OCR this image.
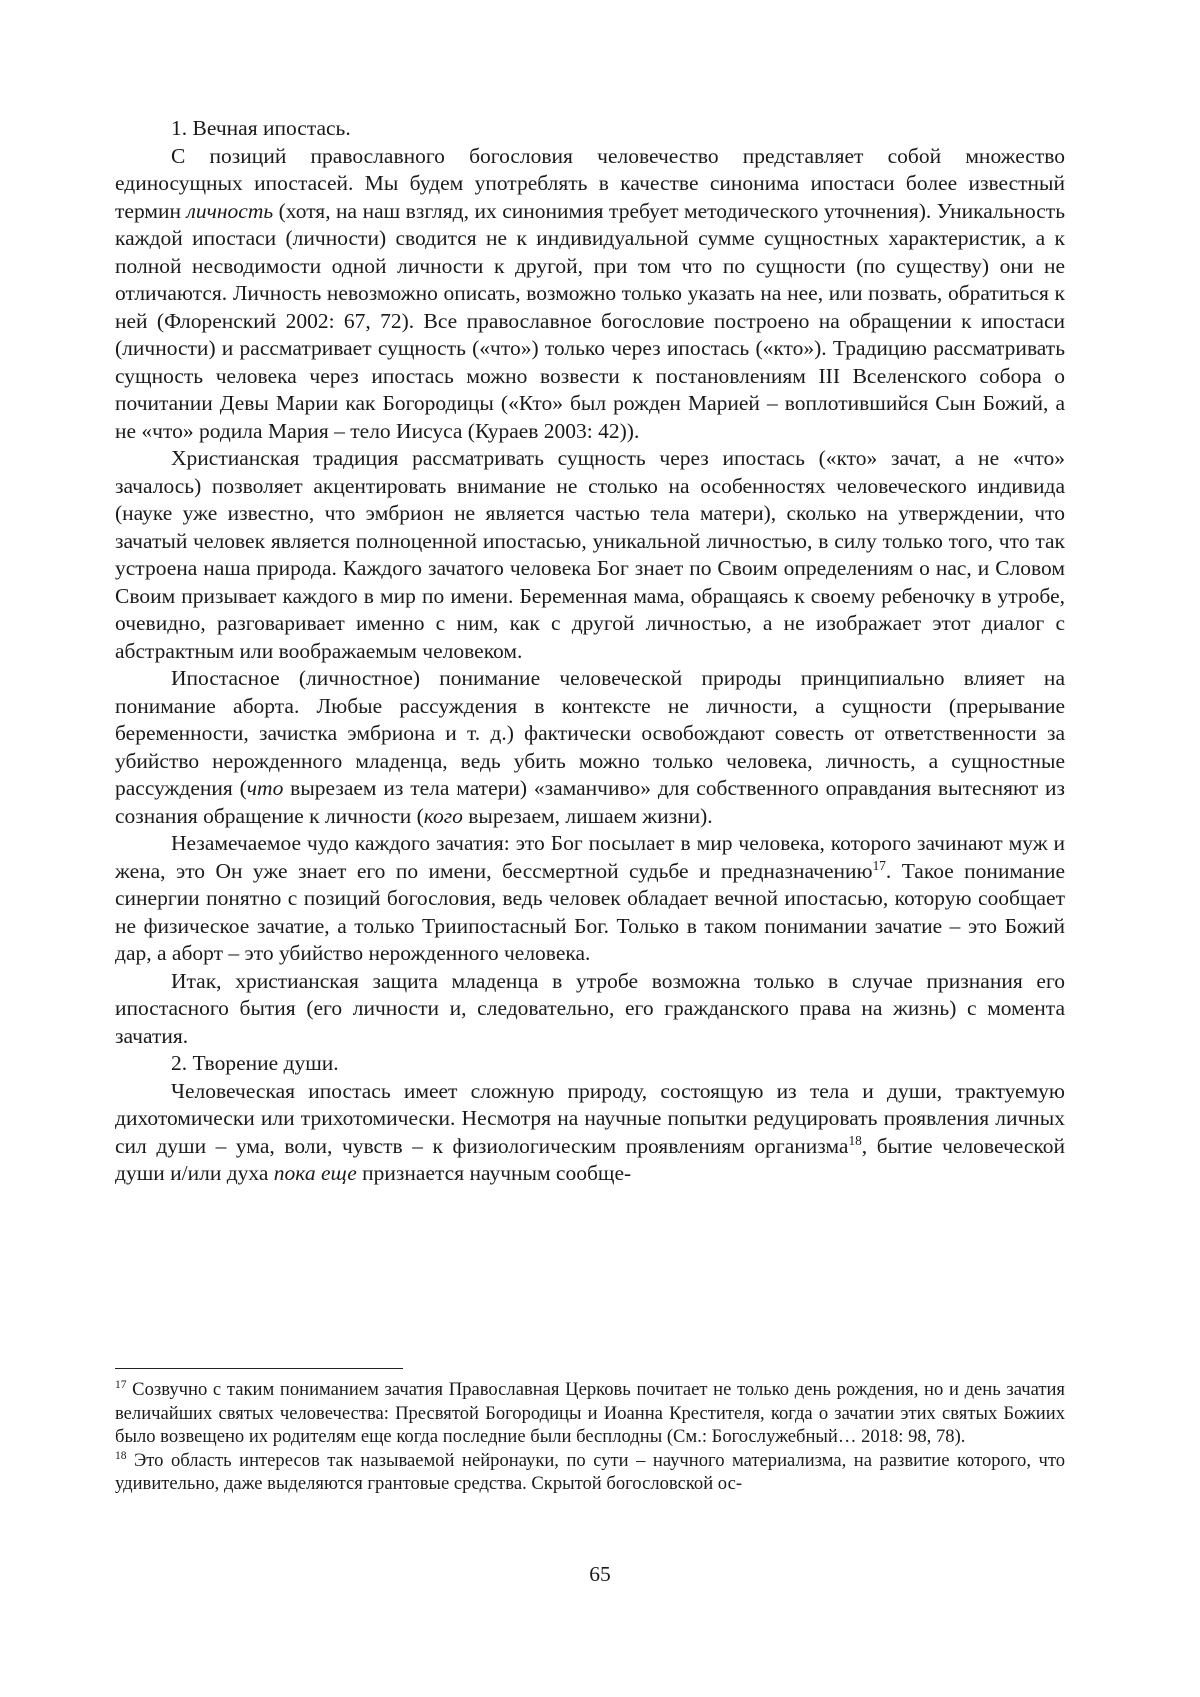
1. Вечная ипостась.

С позиций православного богословия человечество представляет собой множество единосущных ипостасей. Мы будем употреблять в качестве синонима ипостаси более известный термин личность (хотя, на наш взгляд, их синонимия требует методического уточнения). Уникальность каждой ипостаси (личности) сводится не к индивидуальной сумме сущностных характеристик, а к полной несводимости одной личности к другой, при том что по сущности (по существу) они не отличаются. Личность невозможно описать, возможно только указать на нее, или позвать, обратиться к ней (Флоренский 2002: 67, 72). Все православное богословие построено на обращении к ипостаси (личности) и рассматривает сущность («что») только через ипостась («кто»). Традицию рассматривать сущность человека через ипостась можно возвести к постановлениям III Вселенского собора о почитании Девы Марии как Богородицы («Кто» был рожден Марией – воплотившийся Сын Божий, а не «что» родила Мария – тело Иисуса (Кураев 2003: 42)).

Христианская традиция рассматривать сущность через ипостась («кто» зачат, а не «что» зачалось) позволяет акцентировать внимание не столько на особенностях человеческого индивида (науке уже известно, что эмбрион не является частью тела матери), сколько на утверждении, что зачатый человек является полноценной ипостасью, уникальной личностью, в силу только того, что так устроена наша природа. Каждого зачатого человека Бог знает по Своим определениям о нас, и Словом Своим призывает каждого в мир по имени. Беременная мама, обращаясь к своему ребеночку в утробе, очевидно, разговаривает именно с ним, как с другой личностью, а не изображает этот диалог с абстрактным или воображаемым человеком.

Ипостасное (личностное) понимание человеческой природы принципиально влияет на понимание аборта. Любые рассуждения в контексте не личности, а сущности (прерывание беременности, зачистка эмбриона и т. д.) фактически освобождают совесть от ответственности за убийство нерожденного младенца, ведь убить можно только человека, личность, а сущностные рассуждения (что вырезаем из тела матери) «заманчиво» для собственного оправдания вытесняют из сознания обращение к личности (кого вырезаем, лишаем жизни).

Незамечаемое чудо каждого зачатия: это Бог посылает в мир человека, которого зачинают муж и жена, это Он уже знает его по имени, бессмертной судьбе и предназначению$^{17}$. Такое понимание синергии понятно с позиций богословия, ведь человек обладает вечной ипостасью, которую сообщает не физическое зачатие, а только Триипостасный Бог. Только в таком понимании зачатие – это Божий дар, а аборт – это убийство нерожденного человека.

Итак, христианская защита младенца в утробе возможна только в случае признания его ипостасного бытия (его личности и, следовательно, его гражданского права на жизнь) с момента зачатия.

2. Творение души.

Человеческая ипостась имеет сложную природу, состоящую из тела и души, трактуемую дихотомически или трихотомически. Несмотря на научные попытки редуцировать проявления личных сил души – ума, воли, чувств – к физиологическим проявлениям организма$^{18}$, бытие человеческой души и/или духа пока еще признается научным сообще-

$^{17}$ Созвучно с таким пониманием зачатия Православная Церковь почитает не только день рождения, но и день зачатия величайших святых человечества: Пресвятой Богородицы и Иоанна Крестителя, когда о зачатии этих святых Божиих было возвещено их родителям еще когда последние были бесплодны (См.: Богослужебный… 2018: 98, 78).

$^{18}$ Это область интересов так называемой нейронауки, по сути – научного материализма, на развитие которого, что удивительно, даже выделяются грантовые средства. Скрытой богословской ос-

65
